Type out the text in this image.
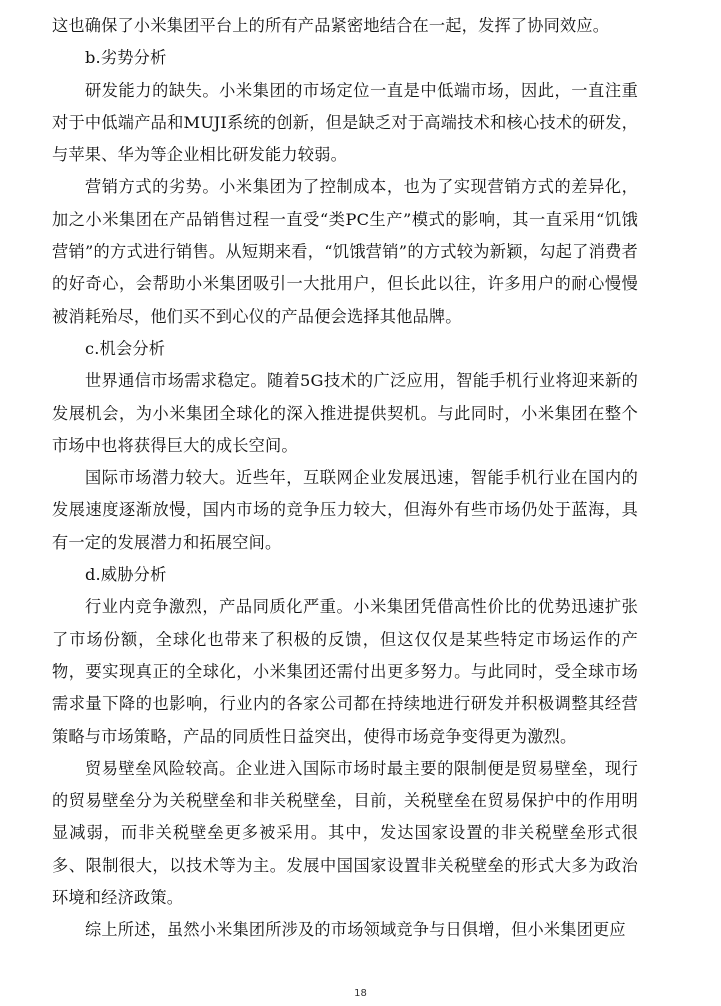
这也确保了小米集团平台上的所有产品紧密地结合在一起，发挥了协同效应。

b.劣势分析

研发能力的缺失。小米集团的市场定位一直是中低端市场，因此，一直注重对于中低端产品和MUJI系统的创新，但是缺乏对于高端技术和核心技术的研发，与苹果、华为等企业相比研发能力较弱。

营销方式的劣势。小米集团为了控制成本，也为了实现营销方式的差异化，加之小米集团在产品销售过程一直受“类PC生产”模式的影响，其一直采用“饥饿营销”的方式进行销售。从短期来看，“饥饿营销”的方式较为新颖，勾起了消费者的好奇心，会帮助小米集团吸引一大批用户，但长此以往，许多用户的耐心慢慢被消耗殆尽，他们买不到心仪的产品便会选择其他品牌。

c.机会分析

世界通信市场需求稳定。随着5G技术的广泛应用，智能手机行业将迎来新的发展机会，为小米集团全球化的深入推进提供契机。与此同时，小米集团在整个市场中也将获得巨大的成长空间。

国际市场潜力较大。近些年，互联网企业发展迅速，智能手机行业在国内的发展速度逐渐放慢，国内市场的竞争压力较大，但海外有些市场仍处于蓝海，具有一定的发展潜力和拓展空间。

d.威胁分析

行业内竞争激烈，产品同质化严重。小米集团凭借高性价比的优势迅速扩张了市场份额，全球化也带来了积极的反馈，但这仅仅是某些特定市场运作的产物，要实现真正的全球化，小米集团还需付出更多努力。与此同时，受全球市场需求量下降的也影响，行业内的各家公司都在持续地进行研发并积极调整其经营策略与市场策略，产品的同质性日益突出，使得市场竞争变得更为激烈。

贸易壁垒风险较高。企业进入国际市场时最主要的限制便是贸易壁垒，现行的贸易壁垒分为关税壁垒和非关税壁垒，目前，关税壁垒在贸易保护中的作用明显减弱，而非关税壁垒更多被采用。其中，发达国家设置的非关税壁垒形式很多、限制很大，以技术等为主。发展中国国家设置非关税壁垒的形式大多为政治环境和经济政策。

综上所述，虽然小米集团所涉及的市场领域竞争与日俱增，但小米集团更应

18
